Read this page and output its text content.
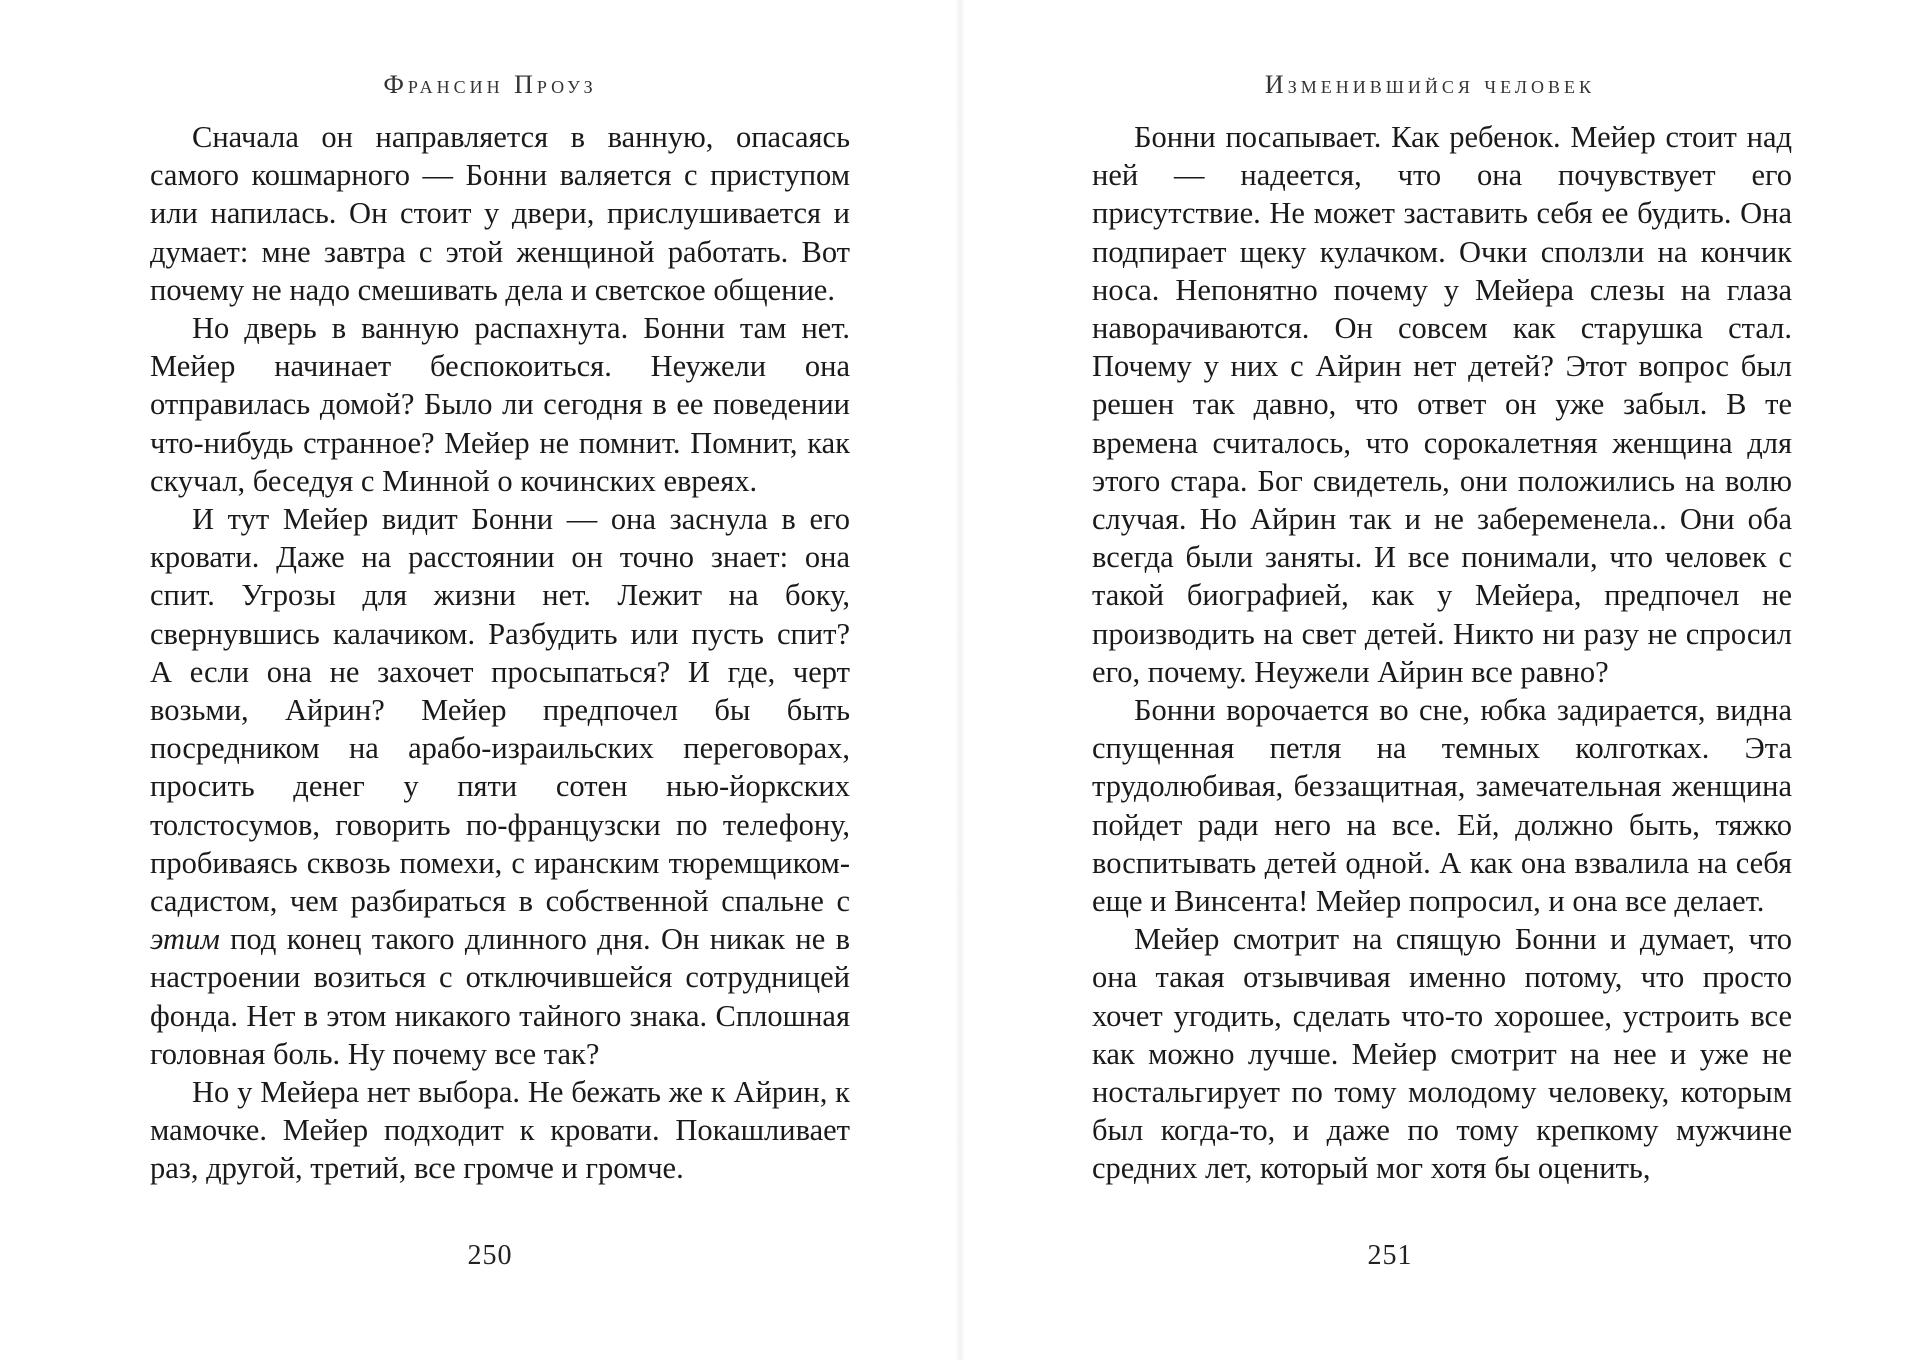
Франсин Проуз

Сначала он направляется в ванную, опасаясь самого кошмарного — Бонни валяется с приступом или напилась. Он стоит у двери, прислушивается и думает: мне завтра с этой женщиной работать. Вот почему не надо смешивать дела и светское общение.

Но дверь в ванную распахнута. Бонни там нет. Мейер начинает беспокоиться. Неужели она отправилась домой? Было ли сегодня в ее поведении что-нибудь странное? Мейер не помнит. Помнит, как скучал, беседуя с Минной о кочинских евреях.

И тут Мейер видит Бонни — она заснула в его кровати. Даже на расстоянии он точно знает: она спит. Угрозы для жизни нет. Лежит на боку, свернувшись калачиком. Разбудить или пусть спит? А если она не захочет просыпаться? И где, черт возьми, Айрин? Мейер предпочел бы быть посредником на арабо-израильских переговорах, просить денег у пяти сотен нью-йоркских толстосумов, говорить по-французски по телефону, пробиваясь сквозь помехи, с иранским тюремщиком-садистом, чем разбираться в собственной спальне с этим под конец такого длинного дня. Он никак не в настроении возиться с отключившейся сотрудницей фонда. Нет в этом никакого тайного знака. Сплошная головная боль. Ну почему все так?

Но у Мейера нет выбора. Не бежать же к Айрин, к мамочке. Мейер подходит к кровати. Покашливает раз, другой, третий, все громче и громче.

250
Изменившийся человек

Бонни посапывает. Как ребенок. Мейер стоит над ней — надеется, что она почувствует его присутствие. Не может заставить себя ее будить. Она подпирает щеку кулачком. Очки сползли на кончик носа. Непонятно почему у Мейера слезы на глаза наворачиваются. Он совсем как старушка стал. Почему у них с Айрин нет детей? Этот вопрос был решен так давно, что ответ он уже забыл. В те времена считалось, что сорокалетняя женщина для этого стара. Бог свидетель, они положились на волю случая. Но Айрин так и не забеременела.. Они оба всегда были заняты. И все понимали, что человек с такой биографией, как у Мейера, предпочел не производить на свет детей. Никто ни разу не спросил его, почему. Неужели Айрин все равно?

Бонни ворочается во сне, юбка задирается, видна спущенная петля на темных колготках. Эта трудолюбивая, беззащитная, замечательная женщина пойдет ради него на все. Ей, должно быть, тяжко воспитывать детей одной. А как она взвалила на себя еще и Винсента! Мейер попросил, и она все делает.

Мейер смотрит на спящую Бонни и думает, что она такая отзывчивая именно потому, что просто хочет угодить, сделать что-то хорошее, устроить все как можно лучше. Мейер смотрит на нее и уже не ностальгирует по тому молодому человеку, которым был когда-то, и даже по тому крепкому мужчине средних лет, который мог хотя бы оценить,

251
